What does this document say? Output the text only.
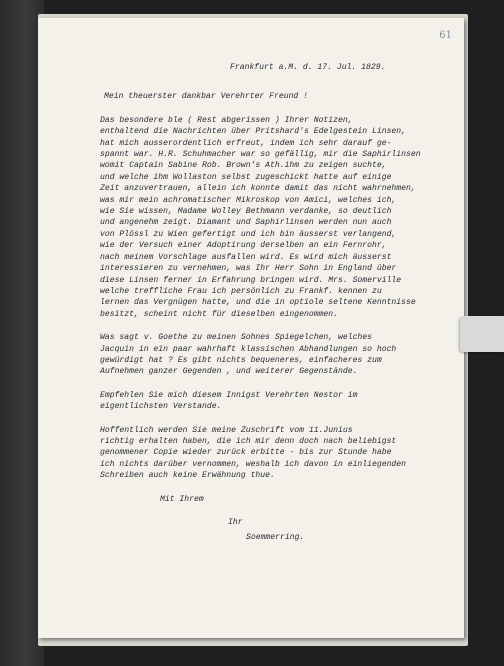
61
Frankfurt a.M. d. 17. Jul. 1829.
Mein theuerster dankbar Verehrter Freund !
Das besondere ble ( Rest abgerissen ) Ihrer Notizen,
enthaltend die Nachrichten über Pritshard's Edelgestein Linsen,
hat mich ausserordentlich erfreut, indem ich sehr darauf ge-
spannt war. H.R. Schuhmacher war so gefällig, mir die Saphirlinsen
womit Captain Sabine Rob. Brown's Ath.ihm zu zeigen suchte,
und welche ihm Wollaston selbst zugeschickt hatte auf einige
Zeit anzuvertrauen, allein ich konnte damit das nicht wahrnehmen,
was mir mein achromatischer Mikroskop von Amici, welches ich,
wie Sie wissen, Madame Wolley Bethmann verdanke, so deutlich
und angenehm zeigt. Diamant und Saphirlinsen werden nun auch
von Plössl zu Wien gefertigt und ich bin äusserst verlangend,
wie der Versuch einer Adoptirung derselben an ein Fernrohr,
nach meinem Vorschlage ausfallen wird. Es wird mich äusserst
interessieren zu vernehmen, was Ihr Herr Sohn in England über
diese Linsen ferner in Erfahrung bringen wird. Mrs. Somerville
welche treffliche Frau ich persönlich zu Frankf. kennen zu
lernen das Vergnügen hatte, und die in optiole seltene Kenntnisse
besitzt, scheint nicht für dieselben eingenommen.
Was sagt v. Goethe zu meinen Sohnes Spiegelchen, welches
Jacquin in ein paar wahrhaft klassischen Abhandlungen so hoch
gewürdigt hat ? Es gibt nichts bequeneres, einfacheres zum
Aufnehmen ganzer Gegenden , und weiterer Gegenstände.
Empfehlen Sie mich diesem Innigst Verehrten Nestor im
eigentlichsten Verstande.
Hoffentlich werden Sie meine Zuschrift vom 11.Junius
richtig erhalten haben, die ich mir denn doch nach beliebigst
genommener Copie wieder zurück erbitte - bis zur Stunde habe
ich nichts darüber vernommen, weshalb ich davon in einliegenden
Schreiben auch keine Erwähnung thue.
Mit Ihrem
Ihr
Soemmerring.
